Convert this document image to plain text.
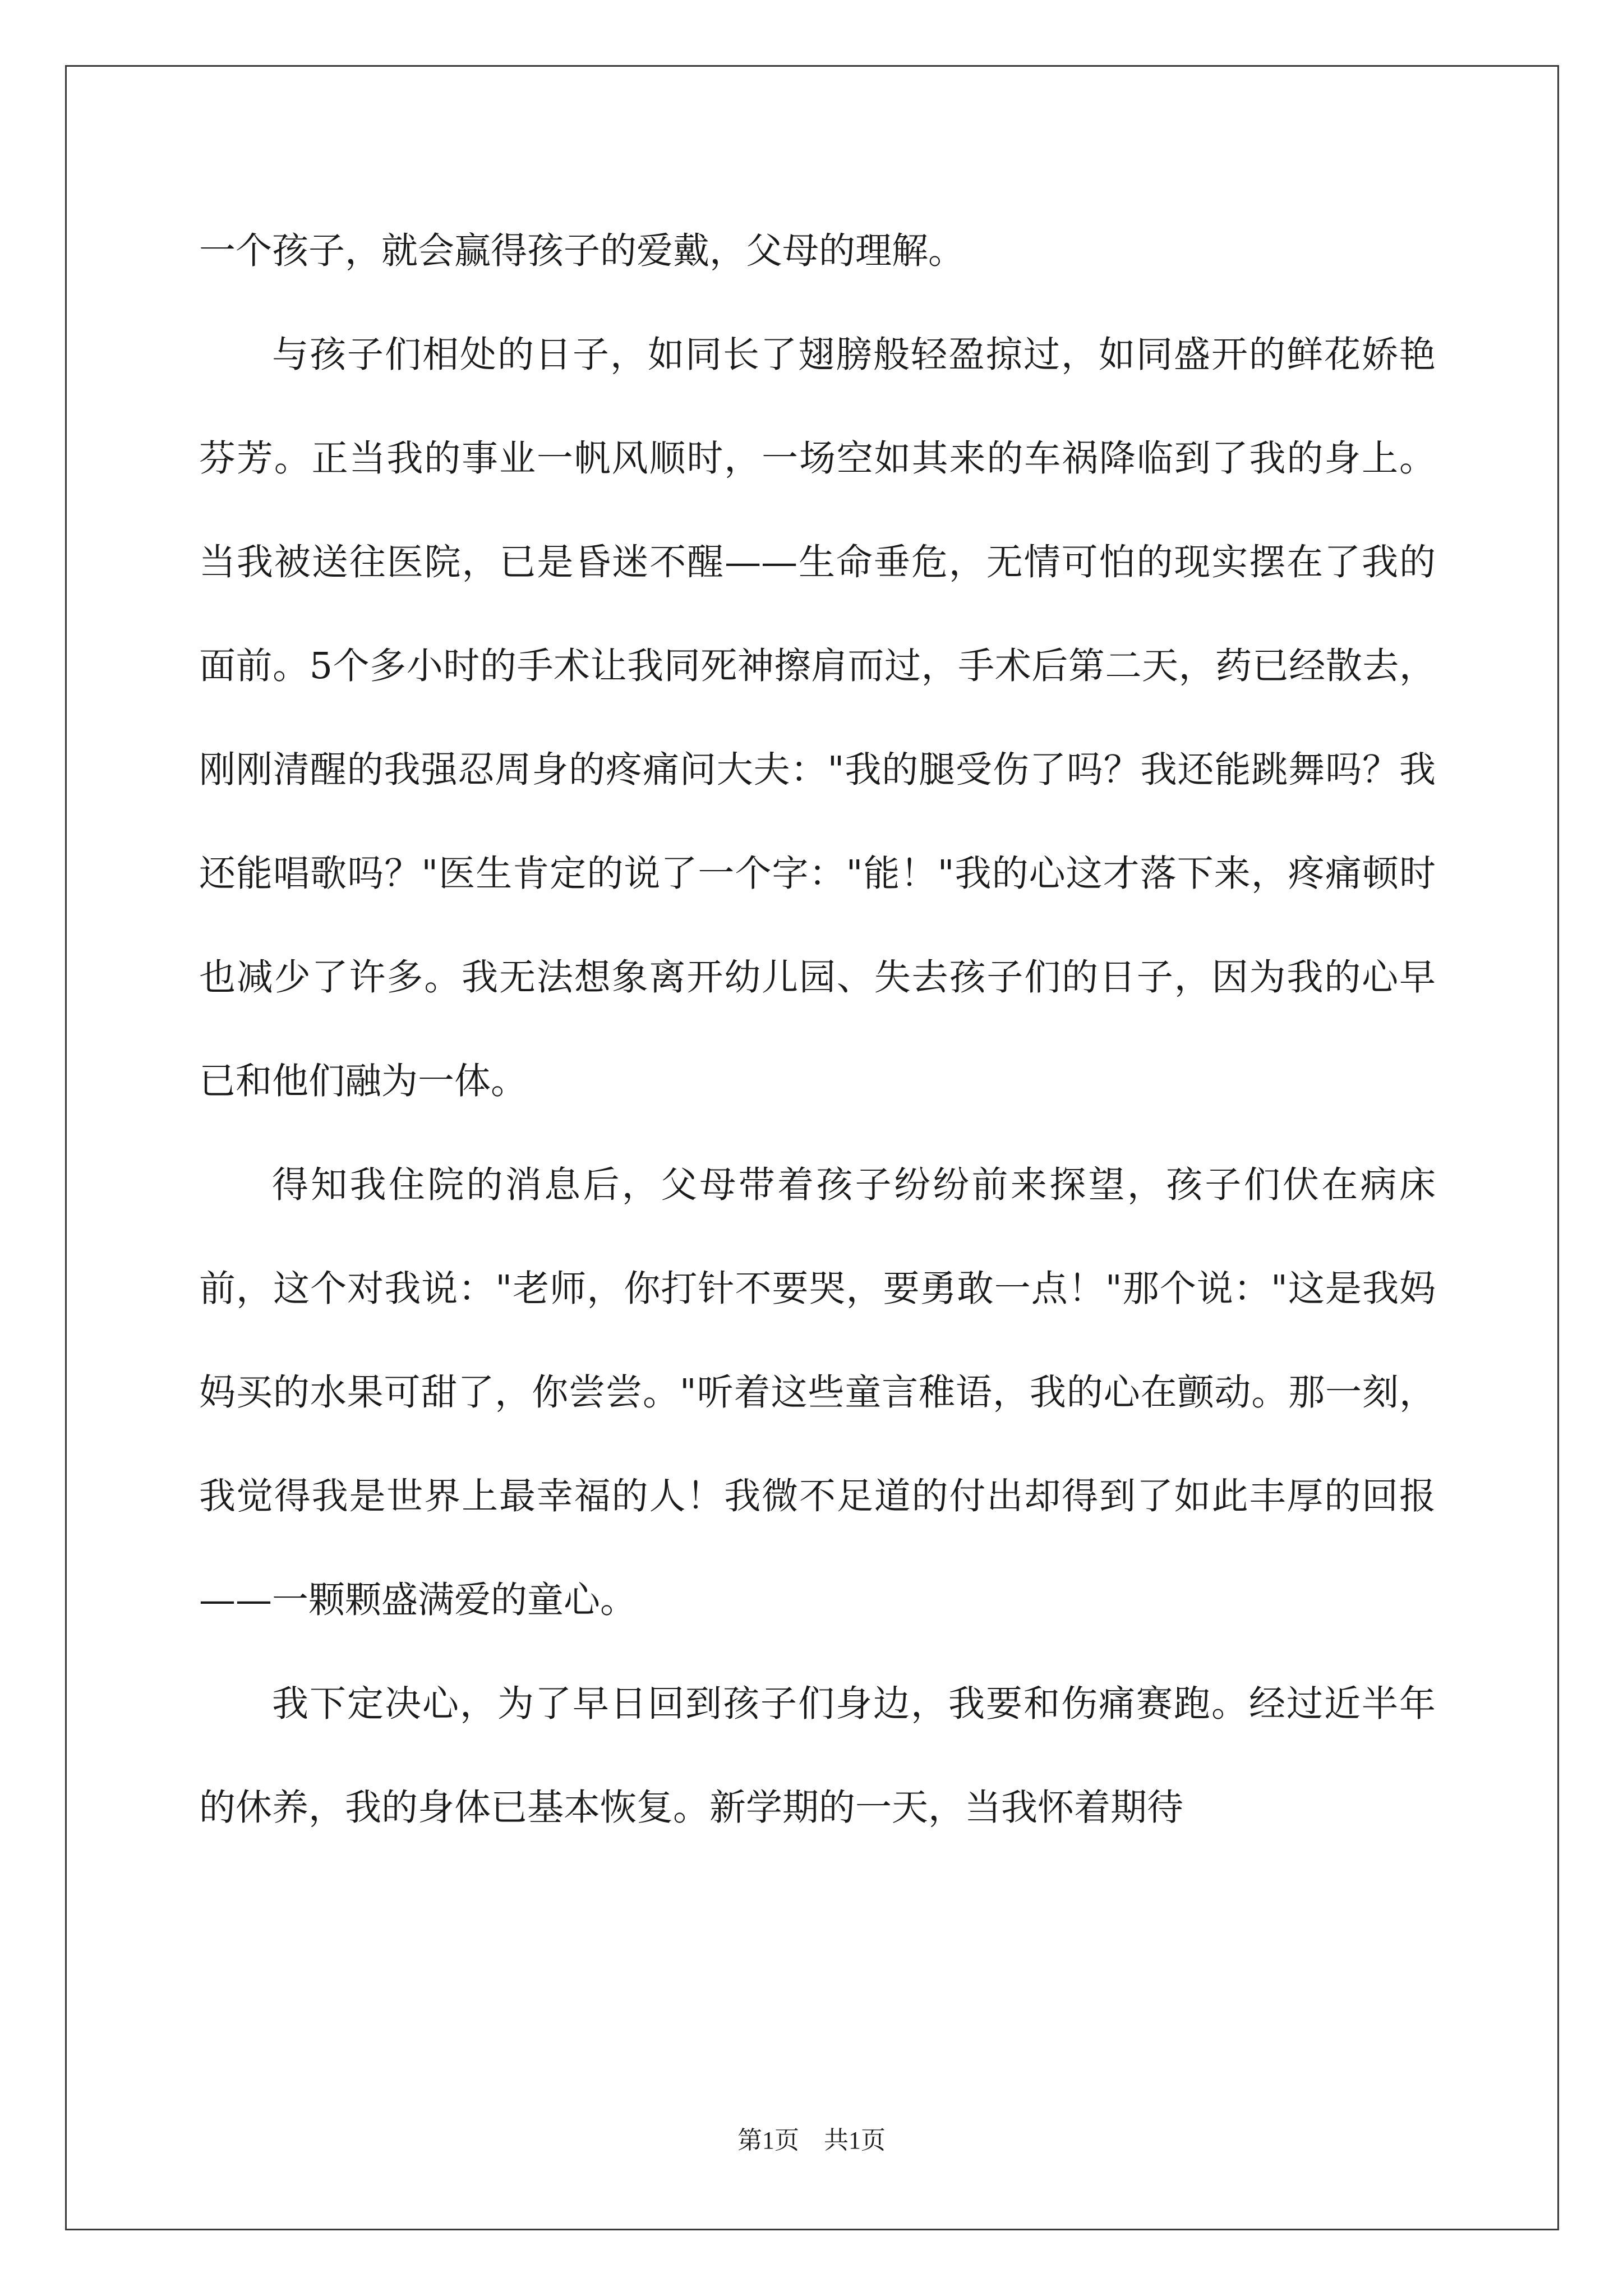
一个孩子，就会赢得孩子的爱戴，父母的理解。

与孩子们相处的日子，如同长了翅膀般轻盈掠过，如同盛开的鲜花娇艳芬芳。正当我的事业一帆风顺时，一场空如其来的车祸降临到了我的身上。当我被送往医院，已是昏迷不醒——生命垂危，无情可怕的现实摆在了我的面前。5个多小时的手术让我同死神擦肩而过，手术后第二天，药已经散去，刚刚清醒的我强忍周身的疼痛问大夫："我的腿受伤了吗？我还能跳舞吗？我还能唱歌吗？"医生肯定的说了一个字："能！"我的心这才落下来，疼痛顿时也减少了许多。我无法想象离开幼儿园、失去孩子们的日子，因为我的心早已和他们融为一体。

得知我住院的消息后，父母带着孩子纷纷前来探望，孩子们伏在病床前，这个对我说："老师，你打针不要哭，要勇敢一点！"那个说："这是我妈妈买的水果可甜了，你尝尝。"听着这些童言稚语，我的心在颤动。那一刻，我觉得我是世界上最幸福的人！我微不足道的付出却得到了如此丰厚的回报——一颗颗盛满爱的童心。

我下定决心，为了早日回到孩子们身边，我要和伤痛赛跑。经过近半年的休养，我的身体已基本恢复。新学期的一天，当我怀着期待

第1页 共1页
